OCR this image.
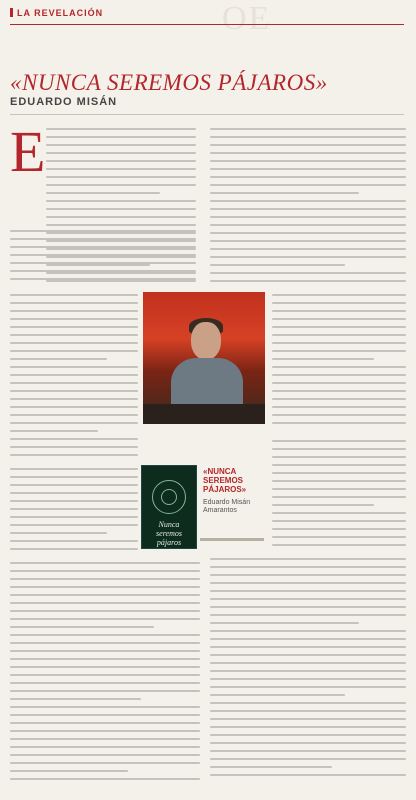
LA REVELACIÓN	OE
«NUNCA SEREMOS PÁJAROS»
EDUARDO MISÁN
E
Nunca seremos pájaros
«NUNCA SEREMOS PÁJAROS»
Eduardo Misán
Amarantos
